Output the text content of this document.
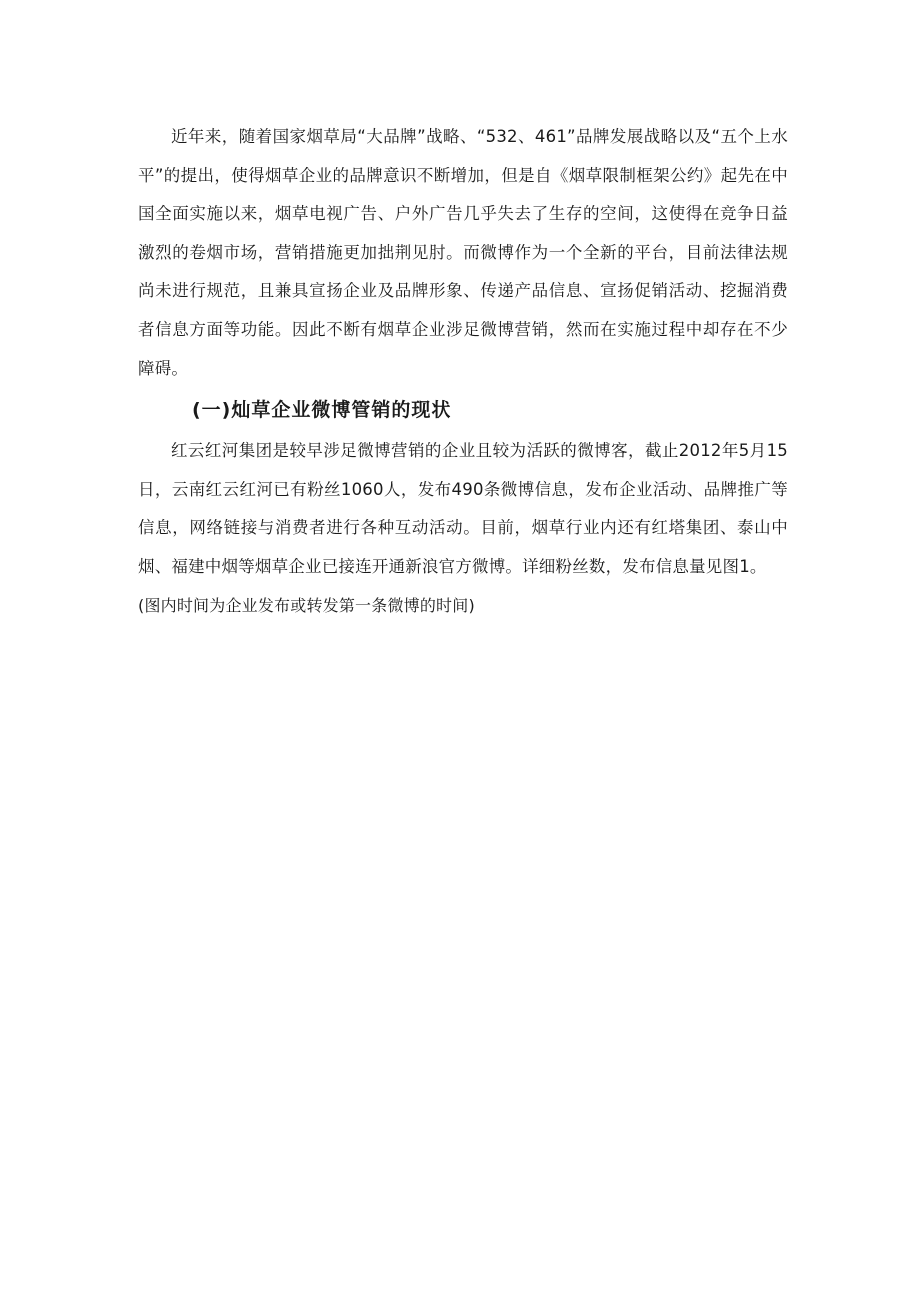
近年来，随着国家烟草局“大品牌”战略、“532、461”品牌发展战略以及“五个上水平”的提出，使得烟草企业的品牌意识不断增加，但是自《烟草限制框架公约》起先在中国全面实施以来，烟草电视广告、户外广告几乎失去了生存的空间，这使得在竞争日益激烈的卷烟市场，营销措施更加拙荆见肘。而微博作为一个全新的平台，目前法律法规尚未进行规范，且兼具宣扬企业及品牌形象、传递产品信息、宣扬促销活动、挖掘消费者信息方面等功能。因此不断有烟草企业涉足微博营销，然而在实施过程中却存在不少障碍。

(一)灿草企业微博管销的现状

红云红河集团是较早涉足微博营销的企业且较为活跃的微博客，截止2012年5月15日，云南红云红河已有粉丝1060人，发布490条微博信息，发布企业活动、品牌推广等信息，网络链接与消费者进行各种互动活动。目前，烟草行业内还有红塔集团、泰山中烟、福建中烟等烟草企业已接连开通新浪官方微博。详细粉丝数，发布信息量见图1。

(图内时间为企业发布或转发第一条微博的时间)
